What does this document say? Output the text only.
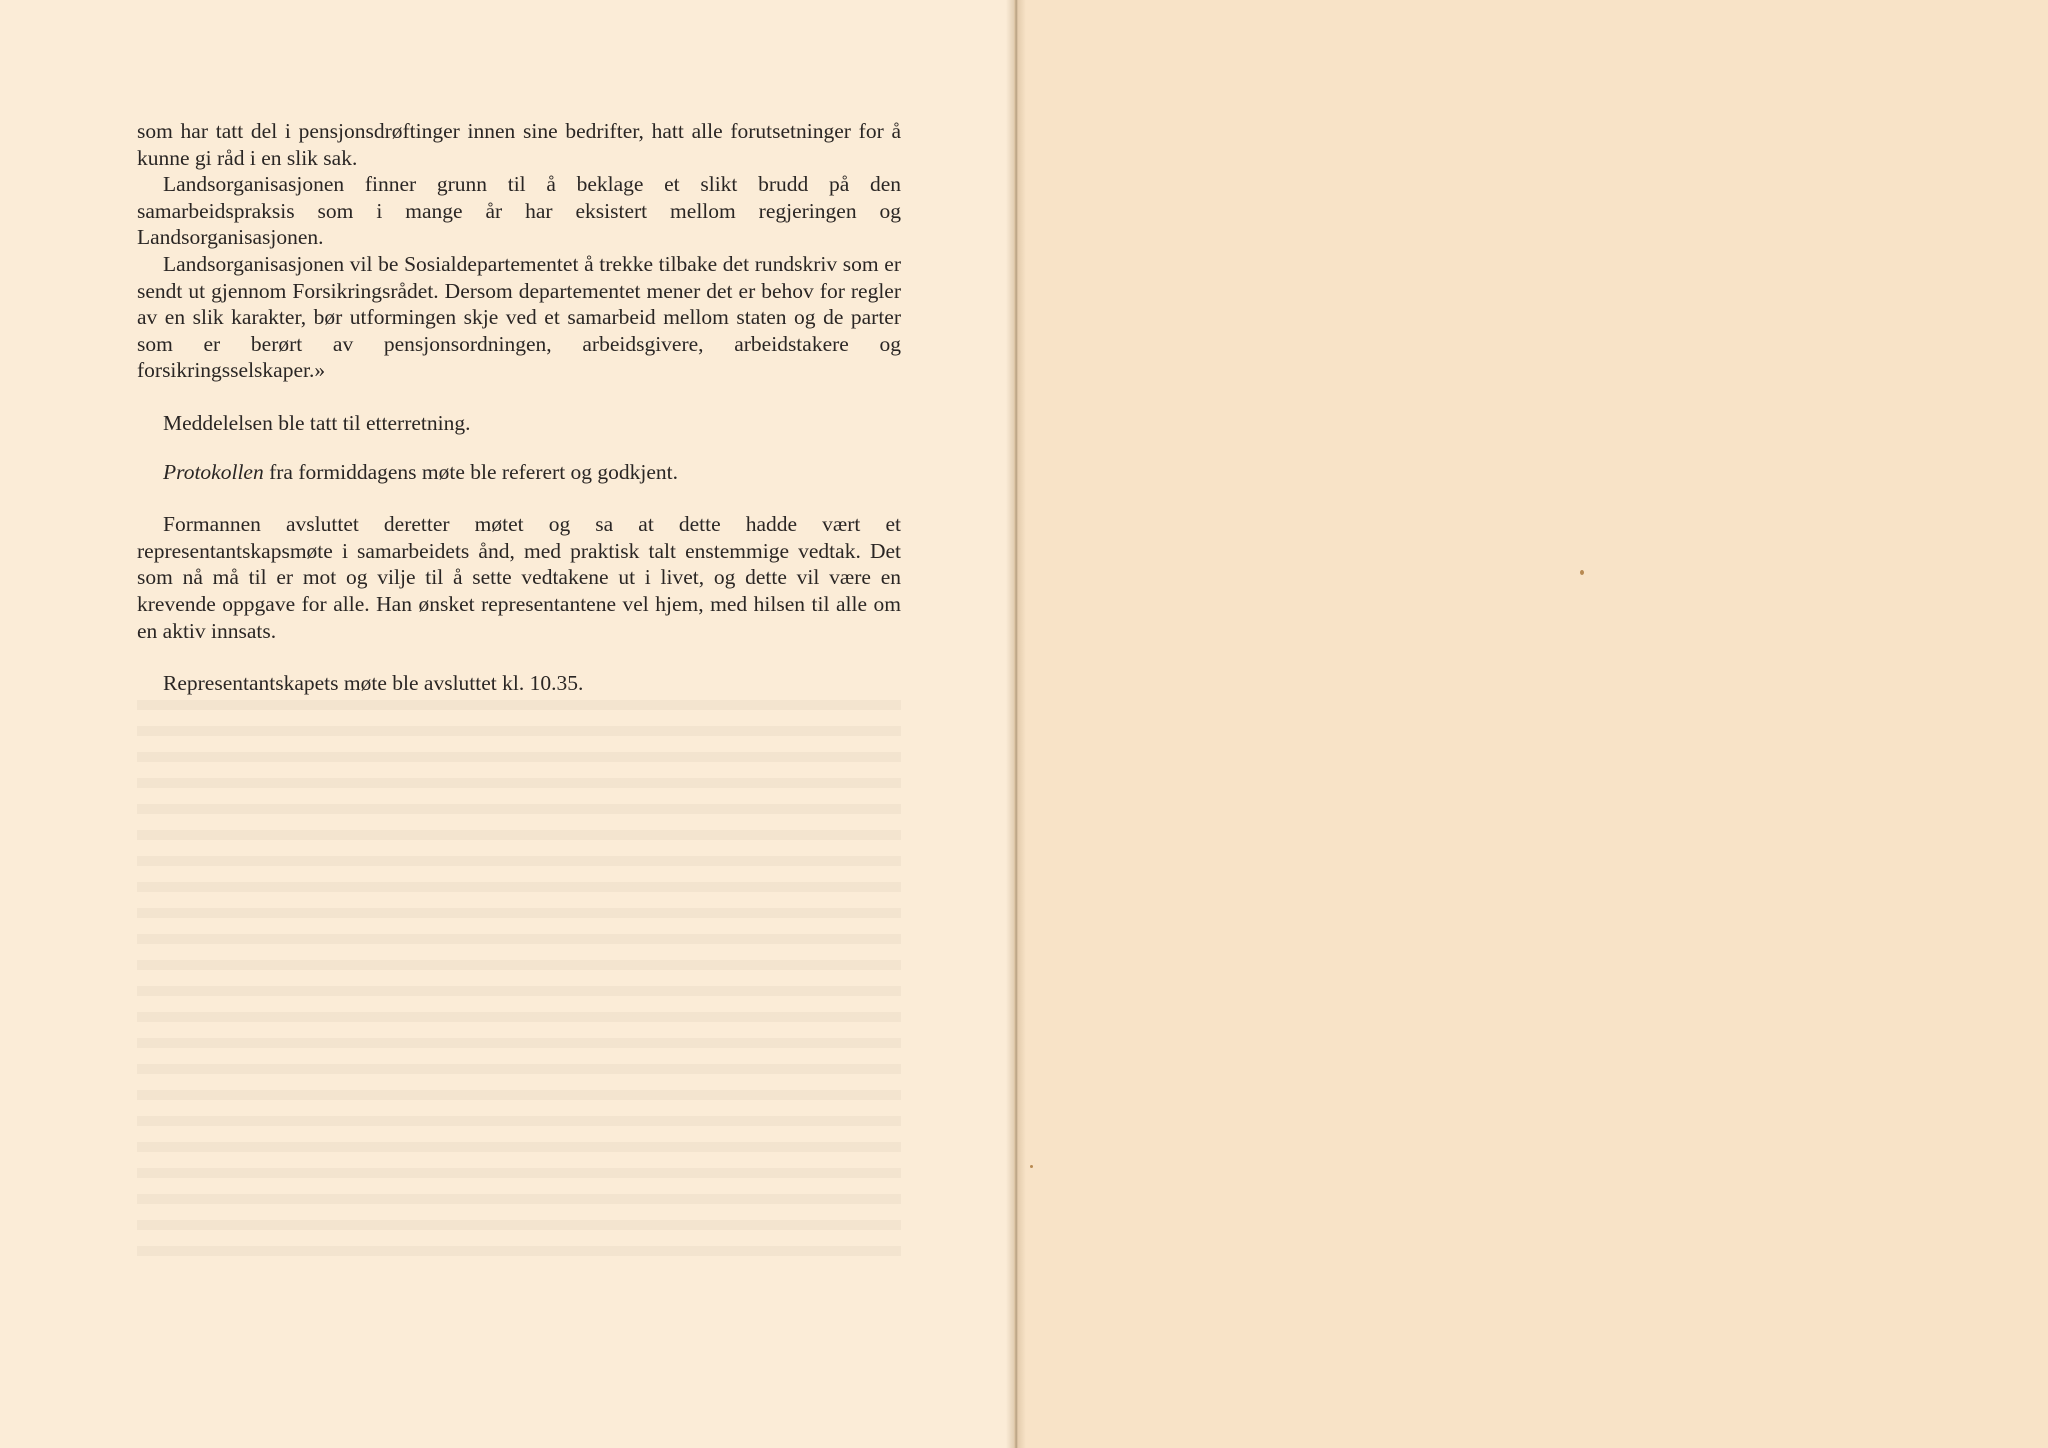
som har tatt del i pensjonsdrøftinger innen sine bedrifter, hatt alle forutsetninger for å kunne gi råd i en slik sak.

Landsorganisasjonen finner grunn til å beklage et slikt brudd på den samarbeidspraksis som i mange år har eksistert mellom regjeringen og Landsorganisasjonen.

Landsorganisasjonen vil be Sosialdepartementet å trekke tilbake det rundskriv som er sendt ut gjennom Forsikringsrådet. Dersom departementet mener det er behov for regler av en slik karakter, bør utformingen skje ved et samarbeid mellom staten og de parter som er berørt av pensjonsordningen, arbeidsgivere, arbeidstakere og forsikringsselskaper.»

Meddelelsen ble tatt til etterretning.

Protokollen fra formiddagens møte ble referert og godkjent.

Formannen avsluttet deretter møtet og sa at dette hadde vært et representantskapsmøte i samarbeidets ånd, med praktisk talt enstemmige vedtak. Det som nå må til er mot og vilje til å sette vedtakene ut i livet, og dette vil være en krevende oppgave for alle. Han ønsket representantene vel hjem, med hilsen til alle om en aktiv innsats.

Representantskapets møte ble avsluttet kl. 10.35.
